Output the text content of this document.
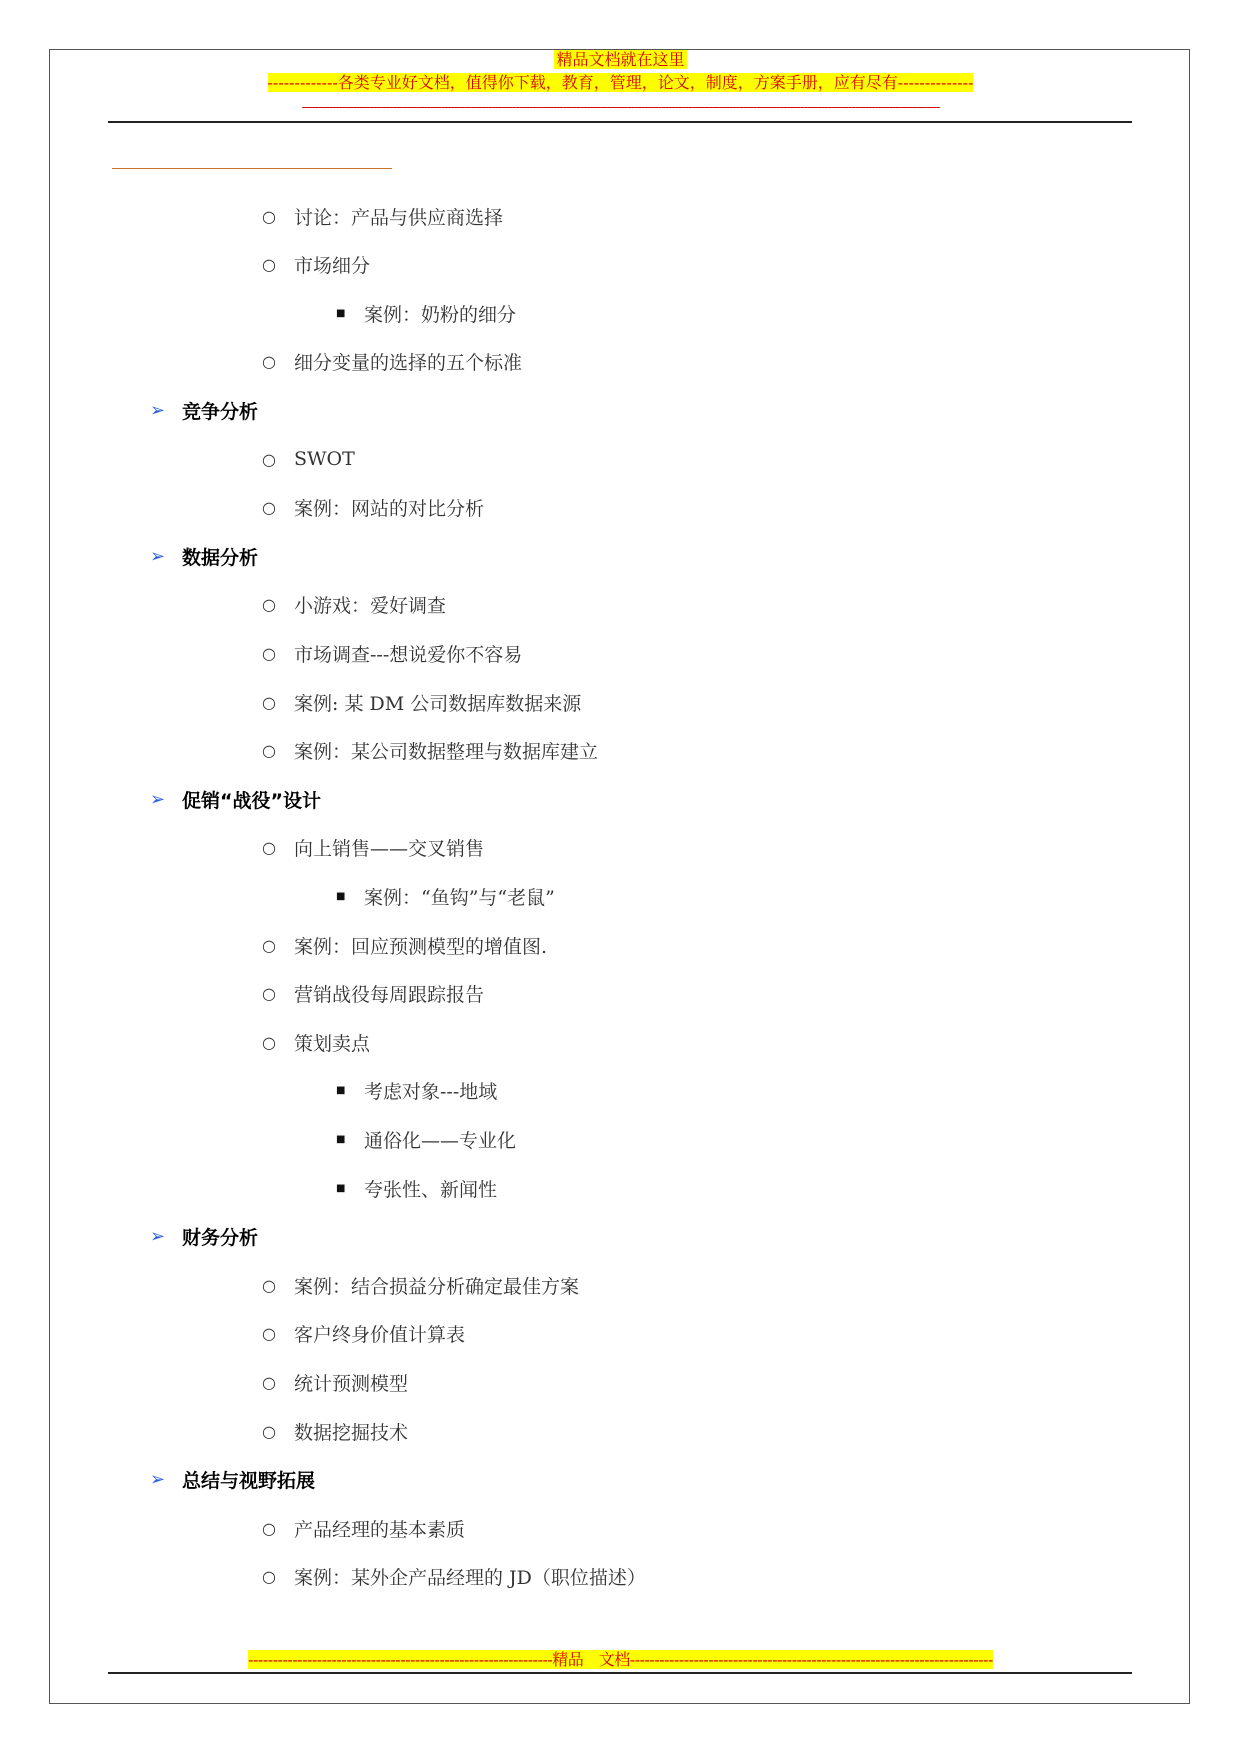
精品文档就在这里
-------------各类专业好文档，值得你下载，教育，管理，论文，制度，方案手册，应有尽有--------------
--------------------------------------------------------------------------------------------------------------------------------------------------------------------------------------------
○ 讨论：产品与供应商选择
○ 市场细分
■ 案例：奶粉的细分
○ 细分变量的选择的五个标准
➢ 竞争分析
○ SWOT
○ 案例：网站的对比分析
➢ 数据分析
○ 小游戏：爱好调查
○ 市场调查---想说爱你不容易
○ 案例: 某 DM 公司数据库数据来源
○ 案例：某公司数据整理与数据库建立
➢ 促销“战役”设计
○ 向上销售——交叉销售
■ 案例：“鱼钩”与“老鼠”
○ 案例：回应预测模型的增值图.
○ 营销战役每周跟踪报告
○ 策划卖点
■ 考虑对象---地域
■ 通俗化——专业化
■ 夸张性、新闻性
➢ 财务分析
○ 案例：结合损益分析确定最佳方案
○ 客户终身价值计算表
○ 统计预测模型
○ 数据挖掘技术
➢ 总结与视野拓展
○ 产品经理的基本素质
○ 案例：某外企产品经理的 JD（职位描述）
--------------------------------------------------------------精品　文档--------------------------------------------------------------------------
